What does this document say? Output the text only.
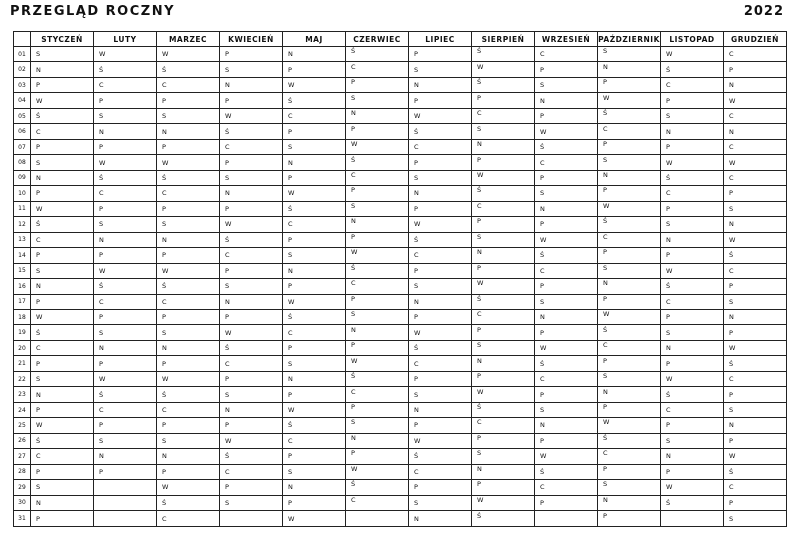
PRZEGLĄD ROCZNY	2022
	STYCZEŃ	LUTY	MARZEC	KWIECIEŃ	MAJ	CZERWIEC	LIPIEC	SIERPIEŃ	WRZESIEŃ	PAŹDZIERNIK	LISTOPAD	GRUDZIEŃ
01	S	W	W	P	N	Ś	P	Ś	C	S	W	C
02	N	Ś	Ś	S	P	C	S	W	P	N	Ś	P
03	P	C	C	N	W	P	N	Ś	S	P	C	N
04	W	P	P	P	Ś	S	P	P	N	W	P	W
05	Ś	S	S	W	C	N	W	C	P	Ś	S	C
06	C	N	N	Ś	P	P	Ś	S	W	C	N	N
07	P	P	P	C	S	W	C	N	Ś	P	P	C
08	S	W	W	P	N	Ś	P	P	C	S	W	W
09	N	Ś	Ś	S	P	C	S	W	P	N	Ś	C
10	P	C	C	N	W	P	N	Ś	S	P	C	P
11	W	P	P	P	Ś	S	P	C	N	W	P	S
12	Ś	S	S	W	C	N	W	P	P	Ś	S	N
13	C	N	N	Ś	P	P	Ś	S	W	C	N	W
14	P	P	P	C	S	W	C	N	Ś	P	P	Ś
15	S	W	W	P	N	Ś	P	P	C	S	W	C
16	N	Ś	Ś	S	P	C	S	W	P	N	Ś	P
17	P	C	C	N	W	P	N	Ś	S	P	C	S
18	W	P	P	P	Ś	S	P	C	N	W	P	N
19	Ś	S	S	W	C	N	W	P	P	Ś	S	P
20	C	N	N	Ś	P	P	Ś	S	W	C	N	W
21	P	P	P	C	S	W	C	N	Ś	P	P	Ś
22	S	W	W	P	N	Ś	P	P	C	S	W	C
23	N	Ś	Ś	S	P	C	S	W	P	N	Ś	P
24	P	C	C	N	W	P	N	Ś	S	P	C	S
25	W	P	P	P	Ś	S	P	C	N	W	P	N
26	Ś	S	S	W	C	N	W	P	P	Ś	S	P
27	C	N	N	Ś	P	P	Ś	S	W	C	N	W
28	P	P	P	C	S	W	C	N	Ś	P	P	Ś
29	S		W	P	N	Ś	P	P	C	S	W	C
30	N		Ś	S	P	C	S	W	P	N	Ś	P
31	P		C		W		N	Ś		P		S
